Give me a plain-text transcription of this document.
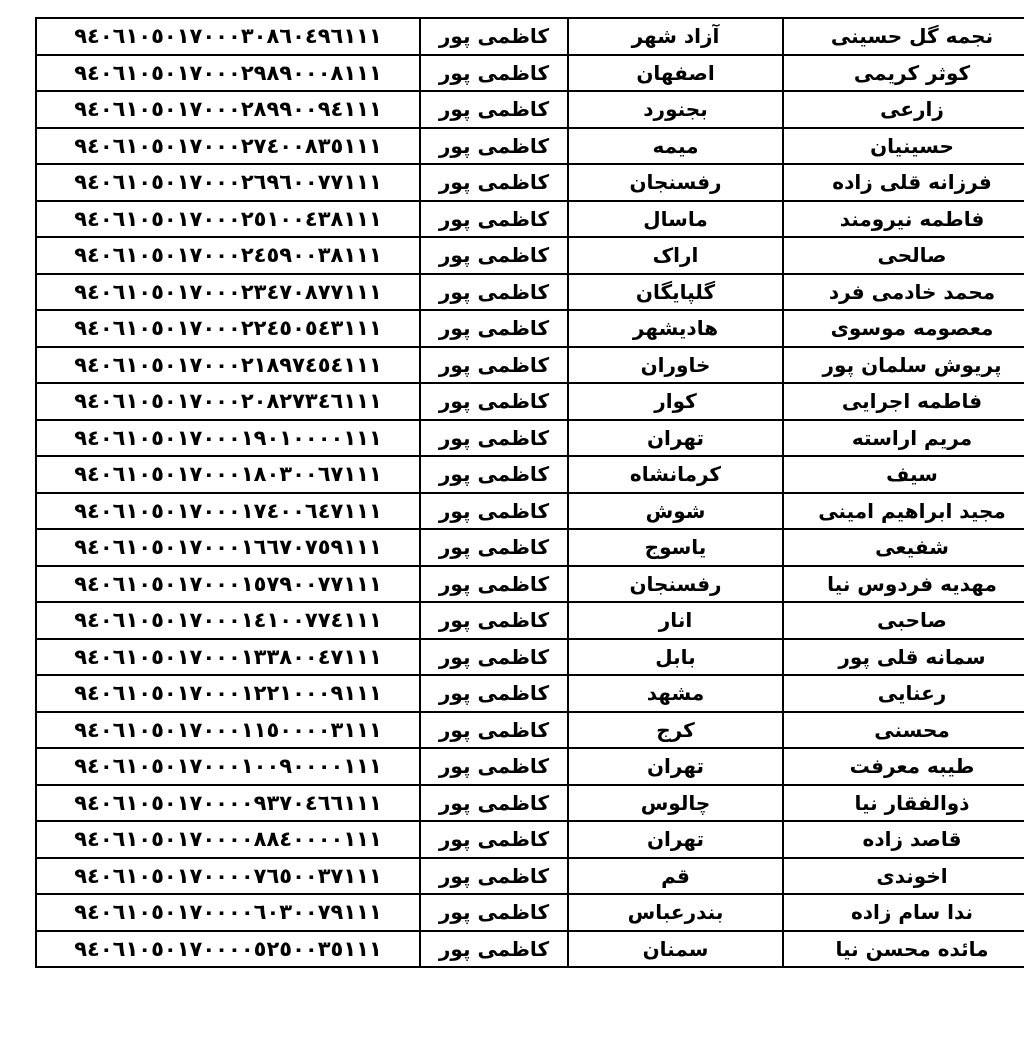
۹٤۰٦۱۰٥۰۱۷۰۰۰۳۰۸٦۰٤۹٦۱۱۱	کاظمی پور	آزاد شهر	نجمه گل حسینی
۹٤۰٦۱۰٥۰۱۷۰۰۰۲۹۸۹۰۰۰۸۱۱۱	کاظمی پور	اصفهان	کوثر کریمی
۹٤۰٦۱۰٥۰۱۷۰۰۰۲۸۹۹۰۰۹٤۱۱۱	کاظمی پور	بجنورد	زارعی
۹٤۰٦۱۰٥۰۱۷۰۰۰۲۷٤۰۰۸۳٥۱۱۱	کاظمی پور	میمه	حسینیان
۹٤۰٦۱۰٥۰۱۷۰۰۰۲٦۹٦۰۰۷۷۱۱۱	کاظمی پور	رفسنجان	فرزانه قلی زاده
۹٤۰٦۱۰٥۰۱۷۰۰۰۲٥۱۰۰٤۳۸۱۱۱	کاظمی پور	ماسال	فاطمه نیرومند
۹٤۰٦۱۰٥۰۱۷۰۰۰۲٤٥۹۰۰۳۸۱۱۱	کاظمی پور	اراک	صالحی
۹٤۰٦۱۰٥۰۱۷۰۰۰۲۳٤۷۰۸۷۷۱۱۱	کاظمی پور	گلپایگان	محمد خادمی فرد
۹٤۰٦۱۰٥۰۱۷۰۰۰۲۲٤٥۰٥٤۳۱۱۱	کاظمی پور	هادیشهر	معصومه موسوی
۹٤۰٦۱۰٥۰۱۷۰۰۰۲۱۸۹۷٤٥٤۱۱۱	کاظمی پور	خاوران	پریوش سلمان پور
۹٤۰٦۱۰٥۰۱۷۰۰۰۲۰۸۲۷۳٤٦۱۱۱	کاظمی پور	کوار	فاطمه اجرایی
۹٤۰٦۱۰٥۰۱۷۰۰۰۱۹۰۱۰۰۰۰۱۱۱	کاظمی پور	تهران	مریم اراسته
۹٤۰٦۱۰٥۰۱۷۰۰۰۱۸۰۳۰۰٦۷۱۱۱	کاظمی پور	کرمانشاه	سیف
۹٤۰٦۱۰٥۰۱۷۰۰۰۱۷٤۰۰٦٤۷۱۱۱	کاظمی پور	شوش	مجید ابراهیم امینی
۹٤۰٦۱۰٥۰۱۷۰۰۰۱٦٦۷۰۷٥۹۱۱۱	کاظمی پور	یاسوج	شفیعی
۹٤۰٦۱۰٥۰۱۷۰۰۰۱٥۷۹۰۰۷۷۱۱۱	کاظمی پور	رفسنجان	مهدیه فردوس نیا
۹٤۰٦۱۰٥۰۱۷۰۰۰۱٤۱۰۰۷۷٤۱۱۱	کاظمی پور	انار	صاحبی
۹٤۰٦۱۰٥۰۱۷۰۰۰۱۳۳۸۰۰٤۷۱۱۱	کاظمی پور	بابل	سمانه قلی پور
۹٤۰٦۱۰٥۰۱۷۰۰۰۱۲۲۱۰۰۰۹۱۱۱	کاظمی پور	مشهد	رعنایی
۹٤۰٦۱۰٥۰۱۷۰۰۰۱۱٥۰۰۰۰۳۱۱۱	کاظمی پور	کرج	محسنی
۹٤۰٦۱۰٥۰۱۷۰۰۰۱۰۰۹۰۰۰۰۱۱۱	کاظمی پور	تهران	طیبه معرفت
۹٤۰٦۱۰٥۰۱۷۰۰۰۰۹۳۷۰٤٦٦۱۱۱	کاظمی پور	چالوس	ذوالفقار نیا
۹٤۰٦۱۰٥۰۱۷۰۰۰۰۸۸٤۰۰۰۰۱۱۱	کاظمی پور	تهران	قاصد زاده
۹٤۰٦۱۰٥۰۱۷۰۰۰۰۷٦٥۰۰۳۷۱۱۱	کاظمی پور	قم	اخوندی
۹٤۰٦۱۰٥۰۱۷۰۰۰۰٦۰۳۰۰۷۹۱۱۱	کاظمی پور	بندرعباس	ندا سام زاده
۹٤۰٦۱۰٥۰۱۷۰۰۰۰٥۲٥۰۰۳٥۱۱۱	کاظمی پور	سمنان	مائده محسن نیا
